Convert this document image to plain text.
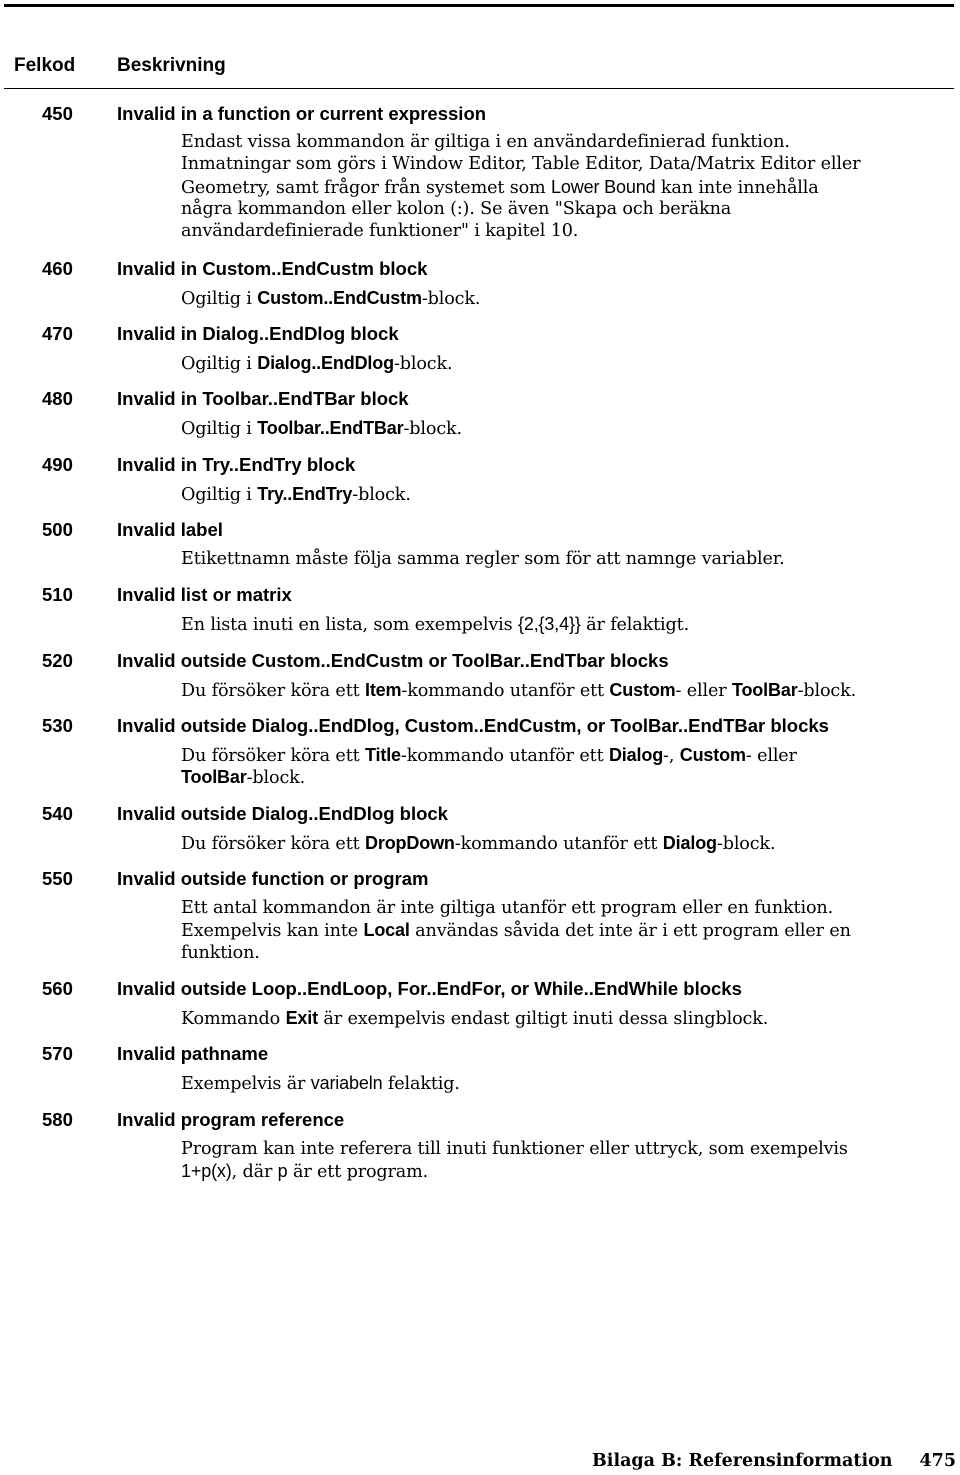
Felkod Beskrivning
450 Invalid in a function or current expression
Endast vissa kommandon är giltiga i en användardefinierad funktion.
Inmatningar som görs i Window Editor, Table Editor, Data/Matrix Editor eller
Geometry, samt frågor från systemet som Lower Bound kan inte innehålla
några kommandon eller kolon (:). Se även "Skapa och beräkna
användardefinierade funktioner" i kapitel 10.
460 Invalid in Custom..EndCustm block
Ogiltig i Custom..EndCustm-block.
470 Invalid in Dialog..EndDlog block
Ogiltig i Dialog..EndDlog-block.
480 Invalid in Toolbar..EndTBar block
Ogiltig i Toolbar..EndTBar-block.
490 Invalid in Try..EndTry block
Ogiltig i Try..EndTry-block.
500 Invalid label
Etikettnamn måste följa samma regler som för att namnge variabler.
510 Invalid list or matrix
En lista inuti en lista, som exempelvis {2,{3,4}} är felaktigt.
520 Invalid outside Custom..EndCustm or ToolBar..EndTbar blocks
Du försöker köra ett Item-kommando utanför ett Custom- eller ToolBar-block.
530 Invalid outside Dialog..EndDlog, Custom..EndCustm, or ToolBar..EndTBar blocks
Du försöker köra ett Title-kommando utanför ett Dialog-, Custom- eller
ToolBar-block.
540 Invalid outside Dialog..EndDlog block
Du försöker köra ett DropDown-kommando utanför ett Dialog-block.
550 Invalid outside function or program
Ett antal kommandon är inte giltiga utanför ett program eller en funktion.
Exempelvis kan inte Local användas såvida det inte är i ett program eller en
funktion.
560 Invalid outside Loop..EndLoop, For..EndFor, or While..EndWhile blocks
Kommando Exit är exempelvis endast giltigt inuti dessa slingblock.
570 Invalid pathname
Exempelvis är variabeln felaktig.
580 Invalid program reference
Program kan inte referera till inuti funktioner eller uttryck, som exempelvis
1+p(x), där p är ett program.
Bilaga B: Referensinformation 475
